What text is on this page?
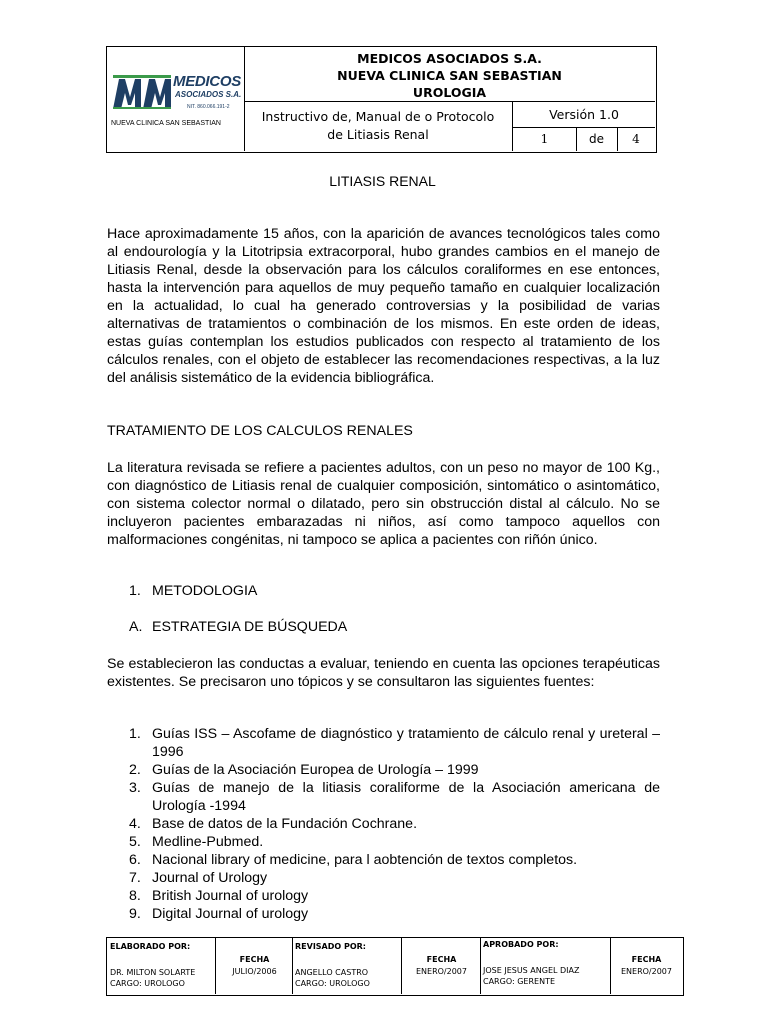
MEDICOS
ASOCIADOS S.A.
NIT. 860.066.191-2
NUEVA CLINICA SAN SEBASTIAN
MEDICOS ASOCIADOS S.A.
NUEVA CLINICA SAN SEBASTIAN
UROLOGIA
Instructivo de, Manual de o Protocolo
de Litiasis Renal
Versión 1.0
1	de	4
LITIASIS RENAL
Hace aproximadamente 15 años, con la aparición de avances tecnológicos tales como al endourología y la Litotripsia extracorporal, hubo grandes cambios en el manejo de Litiasis Renal, desde la observación para los cálculos coraliformes en ese entonces, hasta la intervención para aquellos de muy pequeño tamaño en cualquier localización en la actualidad, lo cual ha generado controversias y la posibilidad de varias alternativas de tratamientos o combinación de los mismos. En este orden de ideas, estas guías contemplan los estudios publicados con respecto al tratamiento de los cálculos renales, con el objeto de establecer las recomendaciones respectivas, a la luz del análisis sistemático de la evidencia bibliográfica.
TRATAMIENTO DE LOS CALCULOS RENALES
La literatura revisada se refiere a pacientes adultos, con un peso no mayor de 100 Kg., con diagnóstico de Litiasis renal de cualquier composición, sintomático o asintomático, con sistema colector normal o dilatado, pero sin obstrucción distal al cálculo. No se incluyeron pacientes embarazadas ni niños, así como tampoco aquellos con malformaciones congénitas, ni tampoco se aplica a pacientes con riñón único.
1. METODOLOGIA
A. ESTRATEGIA DE BÚSQUEDA
Se establecieron las conductas a evaluar, teniendo en cuenta las opciones terapéuticas existentes. Se precisaron uno tópicos y se consultaron las siguientes fuentes:
1. Guías ISS – Ascofame de diagnóstico y tratamiento de cálculo renal y ureteral – 1996
2. Guías de la Asociación Europea de Urología – 1999
3. Guías de manejo de la litiasis coraliforme de la Asociación americana de Urología -1994
4. Base de datos de la Fundación Cochrane.
5. Medline-Pubmed.
6. Nacional library of medicine, para l aobtención de textos completos.
7. Journal of Urology
8. British Journal of urology
9. Digital Journal of urology
ELABORADO POR:
DR. MILTON SOLARTE
CARGO: UROLOGO
FECHA
JULIO/2006
REVISADO POR:
ANGELLO CASTRO
CARGO: UROLOGO
FECHA
ENERO/2007
APROBADO POR:
JOSE JESUS ANGEL DIAZ
CARGO: GERENTE
FECHA
ENERO/2007
